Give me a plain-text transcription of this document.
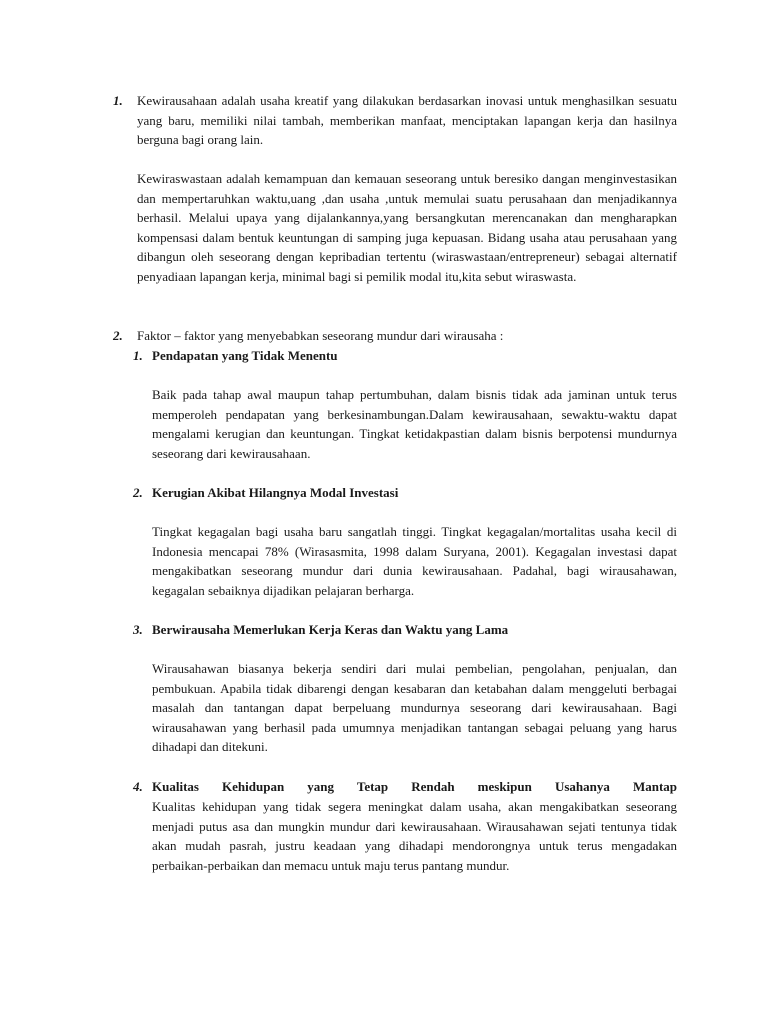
1. Kewirausahaan adalah usaha kreatif yang dilakukan berdasarkan inovasi untuk menghasilkan sesuatu yang baru, memiliki nilai tambah, memberikan manfaat, menciptakan lapangan kerja dan hasilnya berguna bagi orang lain.

Kewiraswastaan adalah kemampuan dan kemauan seseorang untuk beresiko dangan menginvestasikan dan mempertaruhkan waktu,uang ,dan usaha ,untuk memulai suatu perusahaan dan menjadikannya berhasil. Melalui upaya yang dijalankannya,yang bersangkutan merencanakan dan mengharapkan kompensasi dalam bentuk keuntungan di samping juga kepuasan. Bidang usaha atau perusahaan yang dibangun oleh seseorang dengan kepribadian tertentu (wiraswastaan/entrepreneur) sebagai alternatif penyadiaan lapangan kerja, minimal bagi si pemilik modal itu,kita sebut wiraswasta.

2. Faktor – faktor yang menyebabkan seseorang mundur dari wirausaha :

1. Pendapatan yang Tidak Menentu

Baik pada tahap awal maupun tahap pertumbuhan, dalam bisnis tidak ada jaminan untuk terus memperoleh pendapatan yang berkesinambungan.Dalam kewirausahaan, sewaktu-waktu dapat mengalami kerugian dan keuntungan. Tingkat ketidakpastian dalam bisnis berpotensi mundurnya seseorang dari kewirausahaan.

2. Kerugian Akibat Hilangnya Modal Investasi

Tingkat kegagalan bagi usaha baru sangatlah tinggi. Tingkat kegagalan/mortalitas usaha kecil di Indonesia mencapai 78% (Wirasasmita, 1998 dalam Suryana, 2001). Kegagalan investasi dapat mengakibatkan seseorang mundur dari dunia kewirausahaan. Padahal, bagi wirausahawan, kegagalan sebaiknya dijadikan pelajaran berharga.

3. Berwirausaha Memerlukan Kerja Keras dan Waktu yang Lama

Wirausahawan biasanya bekerja sendiri dari mulai pembelian, pengolahan, penjualan, dan pembukuan. Apabila tidak dibarengi dengan kesabaran dan ketabahan dalam menggeluti berbagai masalah dan tantangan dapat berpeluang mundurnya seseorang dari kewirausahaan. Bagi wirausahawan yang berhasil pada umumnya menjadikan tantangan sebagai peluang yang harus dihadapi dan ditekuni.

4. Kualitas Kehidupan yang Tetap Rendah meskipun Usahanya Mantap

Kualitas kehidupan yang tidak segera meningkat dalam usaha, akan mengakibatkan seseorang menjadi putus asa dan mungkin mundur dari kewirausahaan. Wirausahawan sejati tentunya tidak akan mudah pasrah, justru keadaan yang dihadapi mendorongnya untuk terus mengadakan perbaikan-perbaikan dan memacu untuk maju terus pantang mundur.
